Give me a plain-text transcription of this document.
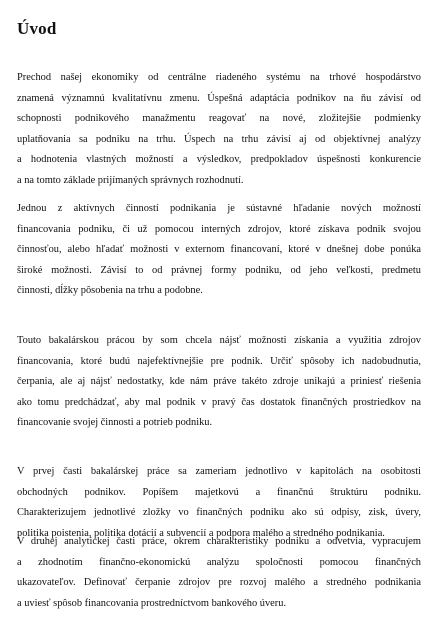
Úvod
Prechod našej ekonomiky od centrálne riadeného systému na trhové hospodárstvo
znamená významnú kvalitatívnu zmenu. Úspešná adaptácia podnikov na ňu závisí od
schopnosti podnikového manažmentu reagovať na nové, zložitejšie podmienky
uplatňovania sa podniku na trhu. Úspech na trhu závisí aj od objektívnej analýzy
a hodnotenia vlastných možností a výsledkov, predpokladov úspešnosti konkurencie
a na tomto základe prijímaných správnych rozhodnutí.
Jednou z aktívnych činností podnikania je sústavné hľadanie nových možností
financovania podniku, či už pomocou interných zdrojov, ktoré získava podnik svojou
činnosťou, alebo hľadať možnosti v externom financovaní, ktoré v dnešnej dobe ponúka
široké možnosti. Závisí to od právnej formy podniku, od jeho veľkosti, predmetu
činnosti, dĺžky pôsobenia na trhu a podobne.
Touto bakalárskou prácou by som chcela nájsť možnosti získania a využitia zdrojov
financovania, ktoré budú najefektívnejšie pre podnik. Určiť spôsoby ich nadobudnutia,
čerpania, ale aj nájsť nedostatky, kde nám práve takéto zdroje unikajú a priniesť riešenia
ako tomu predchádzať, aby mal podnik v pravý čas dostatok finančných prostriedkov na
financovanie svojej činnosti a potrieb podniku.
V prvej časti bakalárskej práce sa zameriam jednotlivo v kapitolách na osobitosti
obchodných podnikov. Popíšem majetkovú a finančnú štruktúru podniku.
Charakterizujem jednotlivé zložky vo finančných podniku ako sú odpisy, zisk, úvery,
politika poistenia, politika dotácií a subvencií a podpora malého a stredného podnikania.
V druhej analytickej časti práce, okrem charakteristiky podniku a odvetvia, vypracujem
a zhodnotím finančno-ekonomickú analýzu spoločnosti pomocou finančných
ukazovateľov. Definovať čerpanie zdrojov pre rozvoj malého a stredného podnikania
a uviesť spôsob financovania prostredníctvom bankového úveru.
